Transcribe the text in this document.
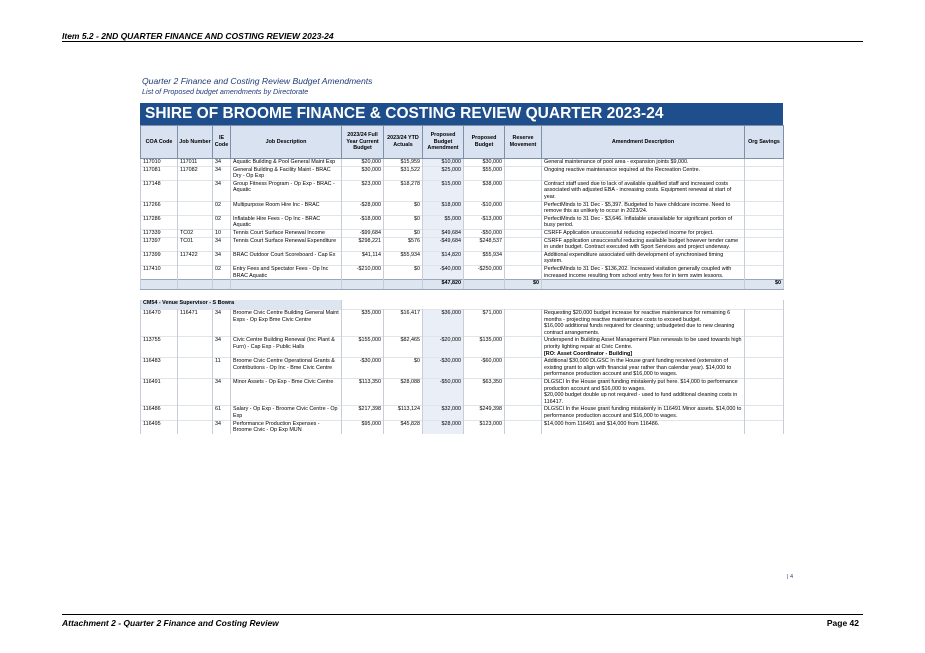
Item 5.2 - 2ND QUARTER FINANCE AND COSTING REVIEW 2023-24
Quarter 2 Finance and Costing Review Budget Amendments
List of Proposed budget amendments by Directorate
SHIRE OF BROOME FINANCE & COSTING REVIEW QUARTER 2023-24
COA Code	Job Number	IE Code	Job Description	2023/24 Full Year Current Budget	2023/24 YTD Actuals	Proposed Budget Amendment	Proposed Budget	Reserve Movement	Amendment Description	Org Savings
117010	117011	34	Aquatic Building & Pool General Maint Exp	$20,000	$15,959	$10,000	$30,000		General maintenance of pool area - expansion joints $9,000.	
117081	117082	34	General Building & Facility Maint - BRAC Dry - Op Exp	$30,000	$31,522	$25,000	$55,000		Ongoing reactive maintenance required at the Recreation Centre.	
117148		34	Group Fitness Program - Op Exp - BRAC - Aquatic	$23,000	$18,278	$15,000	$38,000		Contract staff used due to lack of available qualified staff and increased costs associated with adjusted EBA - increasing costs. Equipment renewal at start of year.	
117266		02	Multipurpose Room Hire Inc - BRAC	-$28,000	$0	$18,000	-$10,000		PerfectMinds to 31 Dec - $5,397. Budgeted to have childcare income. Need to remove this as unlikely to occur in 2023/24.	
117286		02	Inflatable Hire Fees - Op Inc - BRAC Aquatic	-$18,000	$0	$5,000	-$13,000		PerfectMinds to 31 Dec - $3,646. Inflatable unavailable for significant portion of busy period.	
117339	TC02	10	Tennis Court Surface Renewal Income	-$99,684	$0	$49,684	-$50,000		CSRFF Application unsuccessful reducing expected income for project.	
117397	TC01	34	Tennis Court Surface Renewal Expenditure	$298,221	$576	-$49,684	$248,537		CSRFF application unsuccessful reducing available budget however tender came in under budget. Contract executed with Sport Services and project underway.	
117399	117422	34	BRAC Outdoor Court Scoreboard - Cap Ex	$41,114	$55,934	$14,820	$55,934		Additional expenditure associated with development of synchronised timing system.	
117410		02	Entry Fees and Spectator Fees - Op Inc BRAC Aquatic	-$210,000	$0	-$40,000	-$250,000		PerfectMinds to 31 Dec - $136,202. Increased visitation generally coupled with increased income resulting from school entry fees for in term swim lessons.	
						$47,820		$0		$0

CM54 - Venue Supervisor - S Bowra										
116470	116471	34	Broome Civic Centre Building General Maint Exps - Op Exp Bme Civic Centre	$35,000	$16,417	$36,000	$71,000		Requesting $20,000 budget increase for reactive maintenance for remaining 6 months - projecting reactive maintenance costs to exceed budget.
$16,000 additional funds required for cleaning; unbudgeted due to new cleaning contract arrangements.

113755		34	Civic Centre Building Renewal (Inc Plant & Furn) - Cap Exp - Public Halls	$155,000	$82,465	-$20,000	$135,000		Underspend in Building Asset Management Plan renewals to be used towards high priority lighting repair at Civic Centre.
[RO: Asset Coordinator - Building]	

116483		11	Broome Civic Centre Operational Grants & Contributions - Op Inc - Bme Civic Centre	-$30,000	$0	-$30,000	-$60,000		Additional $30,000 DLGSC In the House grant funding received (extension of existing grant to align with financial year rather than calendar year). $14,000 to performance production account and $16,000 to wages.

116491		34	Minor Assets - Op Exp - Bme Civic Centre	$113,350	$28,088	-$50,000	$63,350		DLGSCI In the House grant funding mistakenly put here. $14,000 to performance production account and $16,000 to wages.
$20,000 budget double up not required - used to fund additional cleaning costs in 116417.

116486		61	Salary - Op Exp - Broome Civic Centre - Op Exp	$217,398	$113,124	$32,000	$249,398		DLGSCI In the House grant funding mistakenly in 116491 Minor assets. $14,000 to performance production account and $16,000 to wages.

116495		34	Performance Production Expenses - Broome Civic - Op Exp MUN	$95,000	$45,828	$28,000	$123,000		$14,000 from 116491 and $14,000 from 116486.

| 4
Attachment 2 - Quarter 2 Finance and Costing Review	Page 42
